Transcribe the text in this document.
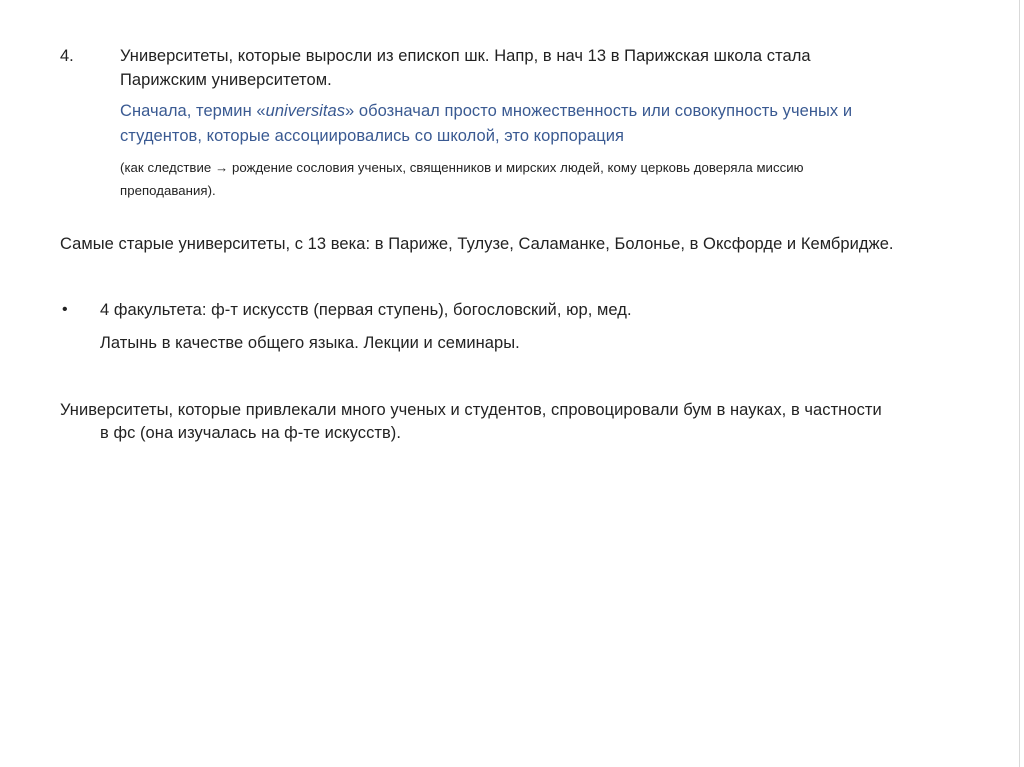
4.	Университеты, которые выросли из епископ шк. Напр, в нач 13 в Парижская школа стала
Парижским университетом.
Сначала, термин «universitas» обозначал просто множественность или совокупность ученых и
студентов, которые ассоциировались со школой, это корпорация
(как следствие → рождение сословия ученых, священников и мирских людей, кому церковь доверяла миссию
преподавания).
Самые старые университеты, с 13 века: в Париже, Тулузе, Саламанке, Болонье, в Оксфорде и Кембридже.
• 4 факультета: ф-т искусств (первая ступень), богословский, юр, мед.
Латынь в качестве общего языка. Лекции и семинары.
Университеты, которые привлекали много ученых и студентов, спровоцировали бум в науках, в частности
в фс (она изучалась на ф-те искусств).
